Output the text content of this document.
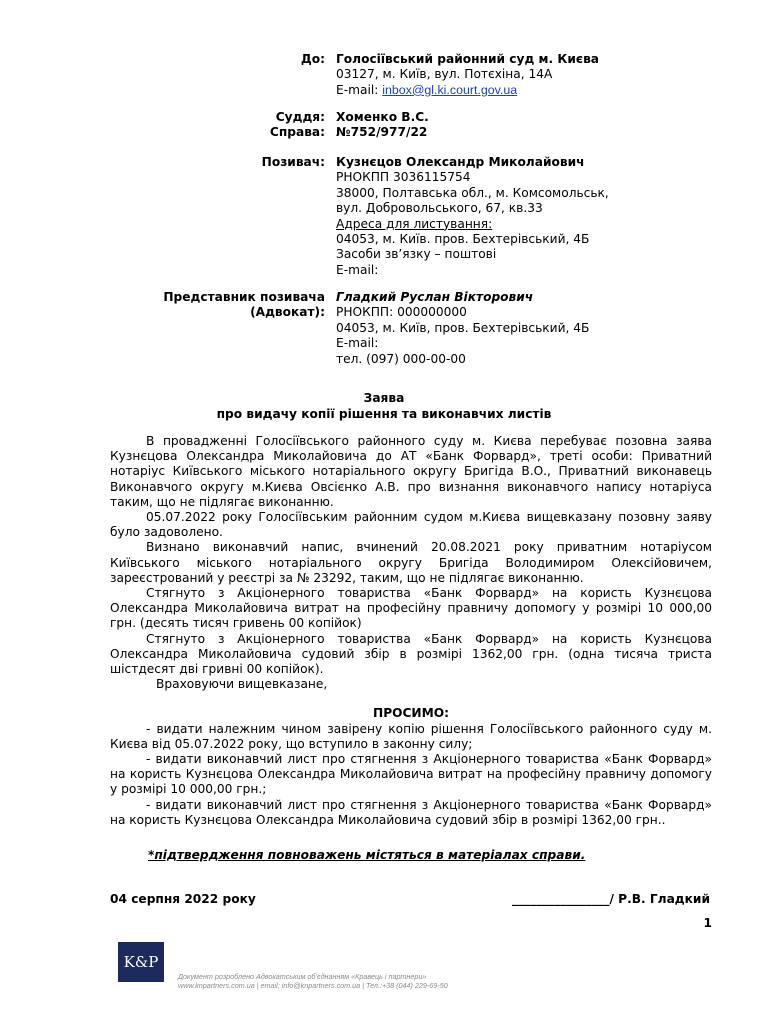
До: Голосіївський районний суд м. Києва
03127, м. Київ, вул. Потєхіна, 14А
E-mail: inbox@gl.ki.court.gov.ua
Суддя:
Справа:
Хоменко В.С.
№752/977/22
Позивач: Кузнєцов Олександр Миколайович
РНОКПП 3036115754
38000, Полтавська обл., м. Комсомольськ,
вул. Добровольського, 67, кв.33
Адреса для листування:
04053, м. Київ. пров. Бехтерівський, 4Б
Засоби зв’язку – поштові
E-mail:
Представник позивача
(Адвокат):
Гладкий Руслан Вікторович
РНОКПП: 000000000
04053, м. Київ, пров. Бехтерівський, 4Б
E-mail:
тел. (097) 000-00-00
Заява
про видачу копії рішення та виконавчих листів

В провадженні Голосіївського районного суду м. Києва перебуває позовна заява Кузнєцова Олександра Миколайовича до АТ «Банк Форвард», треті особи: Приватний нотаріус Київського міського нотаріального округу Бригіда В.О., Приватний виконавець Виконавчого округу м.Києва Овсієнко А.В. про визнання виконавчого напису нотаріуса таким, що не підлягає виконанню.

05.07.2022 року Голосіївським районним судом м.Києва вищевказану позовну заяву було задоволено.

Визнано виконавчий напис, вчинений 20.08.2021 року приватним нотаріусом Київського міського нотаріального округу Бригіда Володимиром Олексійовичем, зареєстрований у реєстрі за № 23292, таким, що не підлягає виконанню.

Стягнуто з Акціонерного товариства «Банк Форвард» на користь Кузнєцова Олександра Миколайовича витрат на професійну правничу допомогу у розмірі 10 000,00 грн. (десять тисяч гривень 00 копійок)

Стягнуто з Акціонерного товариства «Банк Форвард» на користь Кузнєцова Олександра Миколайовича судовий збір в розмірі 1362,00 грн. (одна тисяча триста шістдесят дві гривні 00 копійок).

Враховуючи вищевказане,

ПРОСИМО:

- видати належним чином завірену копію рішення Голосіївського районного суду м. Києва від 05.07.2022 року, що вступило в законну силу;

- видати виконавчий лист про стягнення з Акціонерного товариства «Банк Форвард» на користь Кузнєцова Олександра Миколайовича витрат на професійну правничу допомогу у розмірі 10 000,00 грн.;

- видати виконавчий лист про стягнення з Акціонерного товариства «Банк Форвард» на користь Кузнєцова Олександра Миколайовича судовий збір в розмірі 1362,00 грн..

*підтвердження повноважень містяться в матеріалах справи.
04 серпня 2022 року	________________/ Р.В. Гладкий
1
K&P
Документ розроблено Адвокатським об’єднанням «Кравець і партнери»
www.knpartners.com.ua | email; info@knpartners.com.ua | Тел.:+38 (044) 229-69-50
